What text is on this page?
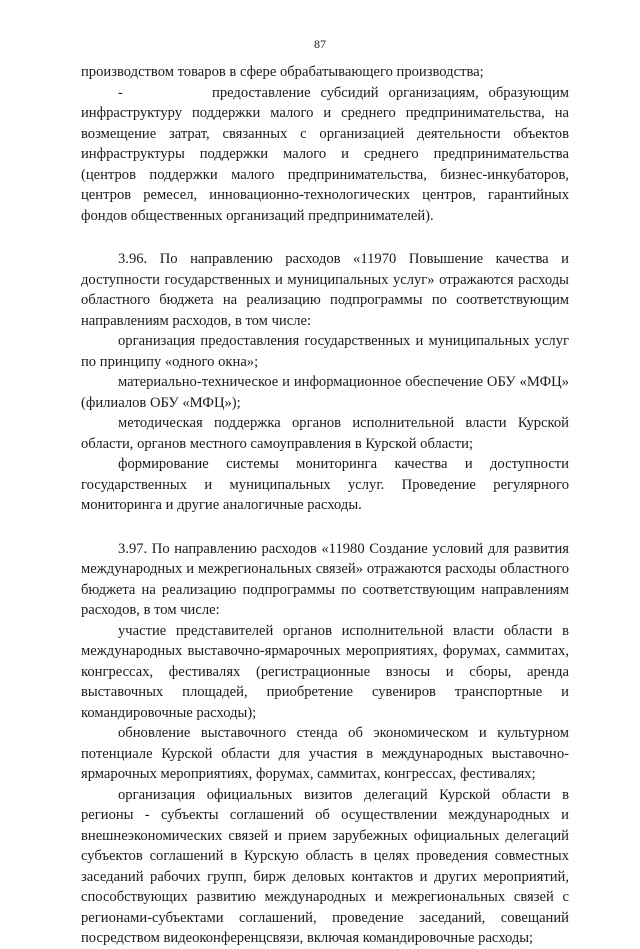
87

производством товаров в сфере обрабатывающего производства;

-         предоставление субсидий организациям, образующим инфраструктуру поддержки малого и среднего предпринимательства, на возмещение затрат, связанных с организацией деятельности объектов инфраструктуры поддержки малого и среднего предпринимательства (центров поддержки малого предпринимательства, бизнес-инкубаторов, центров ремесел, инновационно-технологических центров, гарантийных фондов общественных организаций предпринимателей).

3.96. По направлению расходов «11970 Повышение качества и доступности государственных и муниципальных услуг» отражаются расходы областного бюджета на реализацию подпрограммы по соответствующим направлениям расходов, в том числе:

организация предоставления государственных и муниципальных услуг по принципу «одного окна»;

материально-техническое и информационное обеспечение ОБУ «МФЦ» (филиалов ОБУ «МФЦ»);

методическая поддержка органов исполнительной власти Курской области, органов местного самоуправления в Курской области;

формирование системы мониторинга качества и доступности государственных и муниципальных услуг. Проведение регулярного мониторинга и другие аналогичные расходы.

3.97. По направлению расходов «11980 Создание условий для развития международных и межрегиональных связей» отражаются расходы областного бюджета на реализацию подпрограммы по соответствующим направлениям расходов, в том числе:

участие представителей органов исполнительной власти области в международных выставочно-ярмарочных мероприятиях, форумах, саммитах, конгрессах, фестивалях (регистрационные взносы и сборы, аренда выставочных площадей, приобретение сувениров транспортные и командировочные расходы);

обновление выставочного стенда об экономическом и культурном потенциале Курской области для участия в международных выставочно-ярмарочных мероприятиях, форумах, саммитах, конгрессах, фестивалях;

организация официальных визитов делегаций Курской области в регионы - субъекты соглашений об осуществлении международных и внешнеэкономических связей и прием зарубежных официальных делегаций субъектов соглашений в Курскую область в целях проведения совместных заседаний рабочих групп, бирж деловых контактов и других мероприятий, способствующих развитию международных и межрегиональных связей с регионами-субъектами соглашений, проведение заседаний, совещаний посредством видеоконференцсвязи, включая командировочные расходы;
